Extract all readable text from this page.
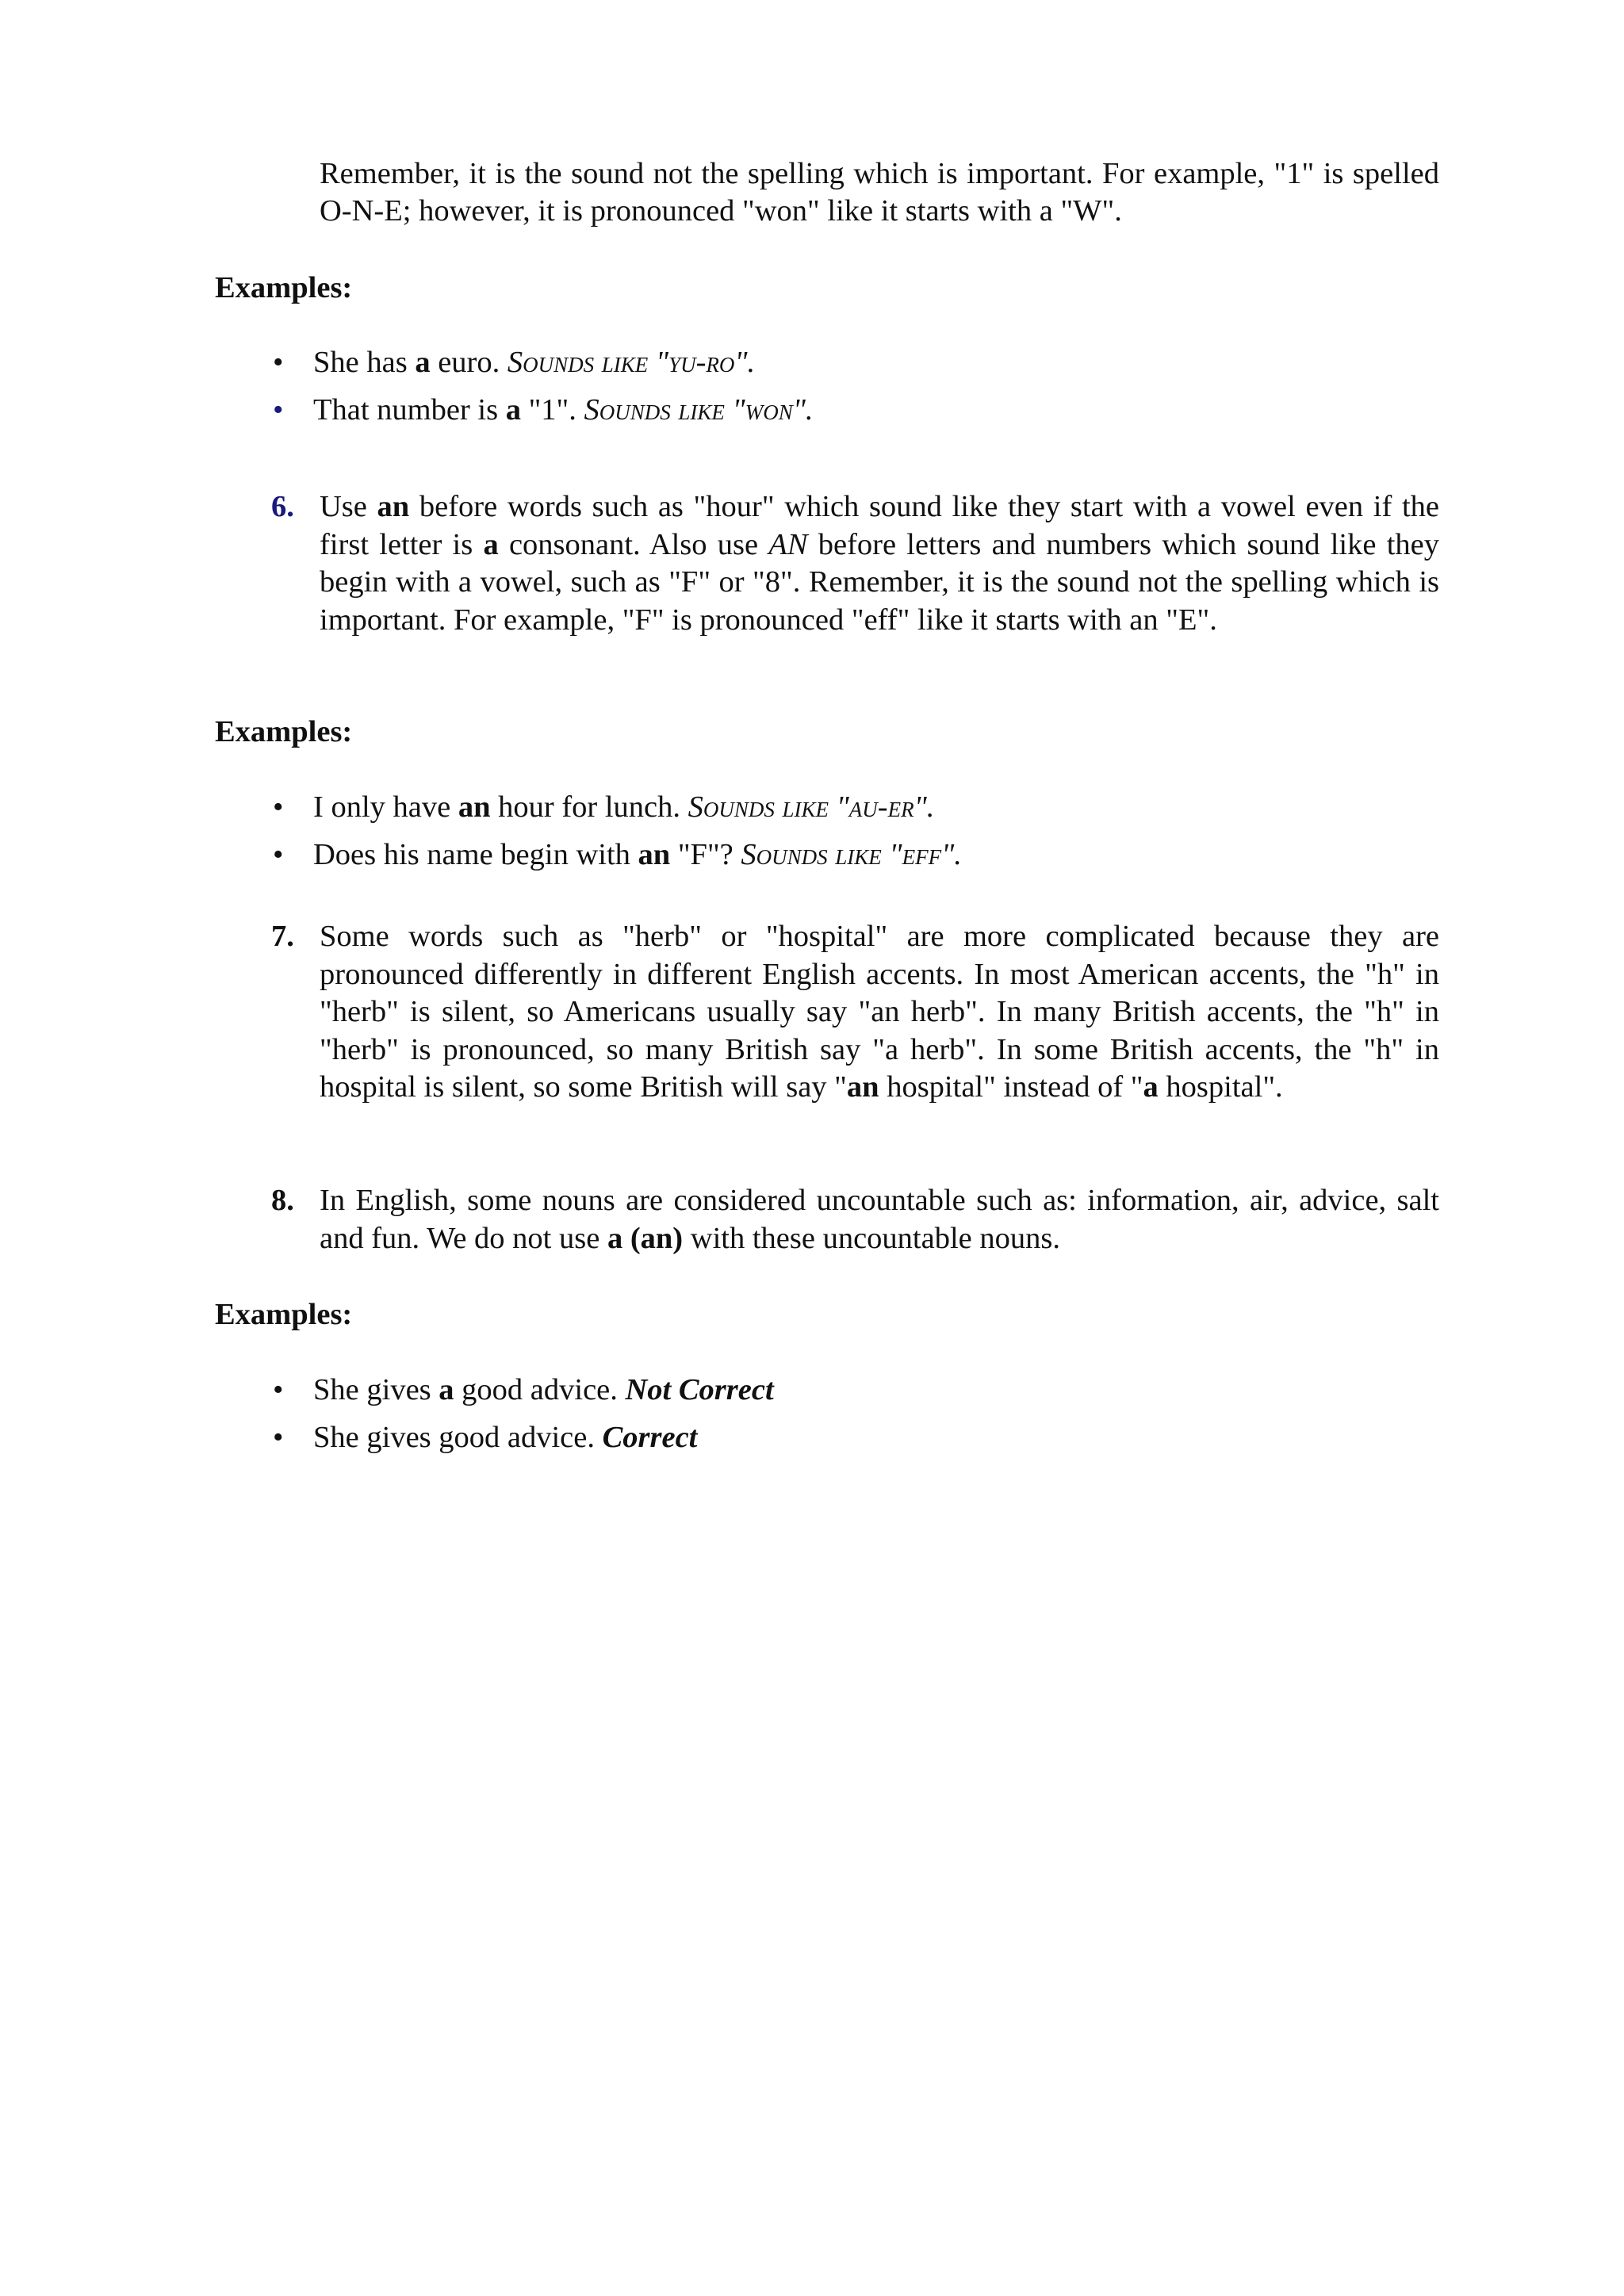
Remember, it is the sound not the spelling which is important. For example, "1" is spelled O-N-E; however, it is pronounced "won" like it starts with a "W".

Examples:

• She has a euro. Sounds like "yu-ro".
• That number is a "1". Sounds like "won".
6. Use an before words such as "hour" which sound like they start with a vowel even if the first letter is a consonant. Also use AN before letters and numbers which sound like they begin with a vowel, such as "F" or "8". Remember, it is the sound not the spelling which is important. For example, "F" is pronounced "eff" like it starts with an "E".

Examples:

• I only have an hour for lunch. Sounds like "au-er".
• Does his name begin with an "F"? Sounds like "eff".
7. Some words such as "herb" or "hospital" are more complicated because they are pronounced differently in different English accents. In most American accents, the "h" in "herb" is silent, so Americans usually say "an herb". In many British accents, the "h" in "herb" is pronounced, so many British say "a herb". In some British accents, the "h" in hospital is silent, so some British will say "an hospital" instead of "a hospital".
8. In English, some nouns are considered uncountable such as: information, air, advice, salt and fun. We do not use a (an) with these uncountable nouns.

Examples:

• She gives a good advice. Not Correct
• She gives good advice. Correct
